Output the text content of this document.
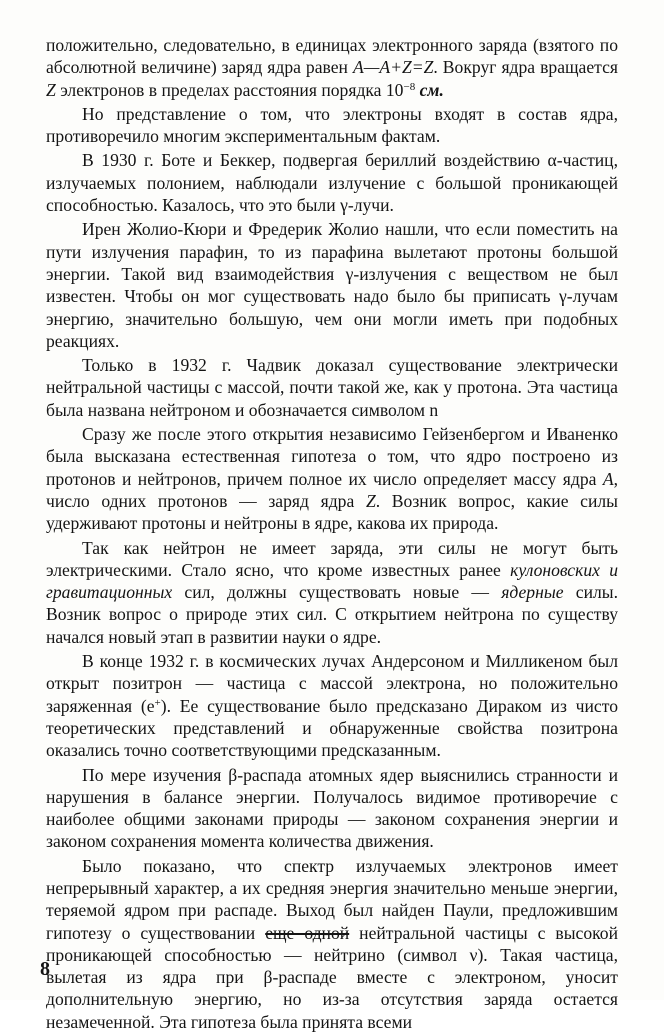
положительно, следовательно, в единицах электронного заряда (взятого по абсолютной величине) заряд ядра равен A—A+Z=Z. Вокруг ядра вращается Z электронов в пределах расстояния порядка $10^{-8}$ см.

Но представление о том, что электроны входят в состав ядра, противоречило многим экспериментальным фактам.

В 1930 г. Боте и Беккер, подвергая бериллий воздействию α-частиц, излучаемых полонием, наблюдали излучение с большой проникающей способностью. Казалось, что это были γ-лучи.

Ирен Жолио-Кюри и Фредерик Жолио нашли, что если поместить на пути излучения парафин, то из парафина вылетают протоны большой энергии. Такой вид взаимодействия γ-излучения с веществом не был известен. Чтобы он мог существовать надо было бы приписать γ-лучам энергию, значительно большую, чем они могли иметь при подобных реакциях.

Только в 1932 г. Чадвик доказал существование электрически нейтральной частицы с массой, почти такой же, как у протона. Эта частица была названа нейтроном и обозначается символом n

Сразу же после этого открытия независимо Гейзенбергом и Иваненко была высказана естественная гипотеза о том, что ядро построено из протонов и нейтронов, причем полное их число определяет массу ядра A, число одних протонов — заряд ядра Z. Возник вопрос, какие силы удерживают протоны и нейтроны в ядре, какова их природа.

Так как нейтрон не имеет заряда, эти силы не могут быть электрическими. Стало ясно, что кроме известных ранее кулоновских и гравитационных сил, должны существовать новые — ядерные силы. Возник вопрос о природе этих сил. С открытием нейтрона по существу начался новый этап в развитии науки о ядре.

В конце 1932 г. в космических лучах Андерсоном и Милликеном был открыт позитрон — частица с массой электрона, но положительно заряженная (e+). Ее существование было предсказано Дираком из чисто теоретических представлений и обнаруженные свойства позитрона оказались точно соответствующими предсказанным.

По мере изучения β-распада атомных ядер выяснились странности и нарушения в балансе энергии. Получалось видимое противоречие с наиболее общими законами природы — законом сохранения энергии и законом сохранения момента количества движения.

Было показано, что спектр излучаемых электронов имеет непрерывный характер, а их средняя энергия значительно меньше энергии, теряемой ядром при распаде. Выход был найден Паули, предложившим гипотезу о существовании еще одной нейтральной частицы с высокой проникающей способностью — нейтрино (символ ν). Такая частица, вылетая из ядра при β-распаде вместе с электроном, уносит дополнительную энергию, но из-за отсутствия заряда остается незамеченной. Эта гипотеза была принята всеми

8
